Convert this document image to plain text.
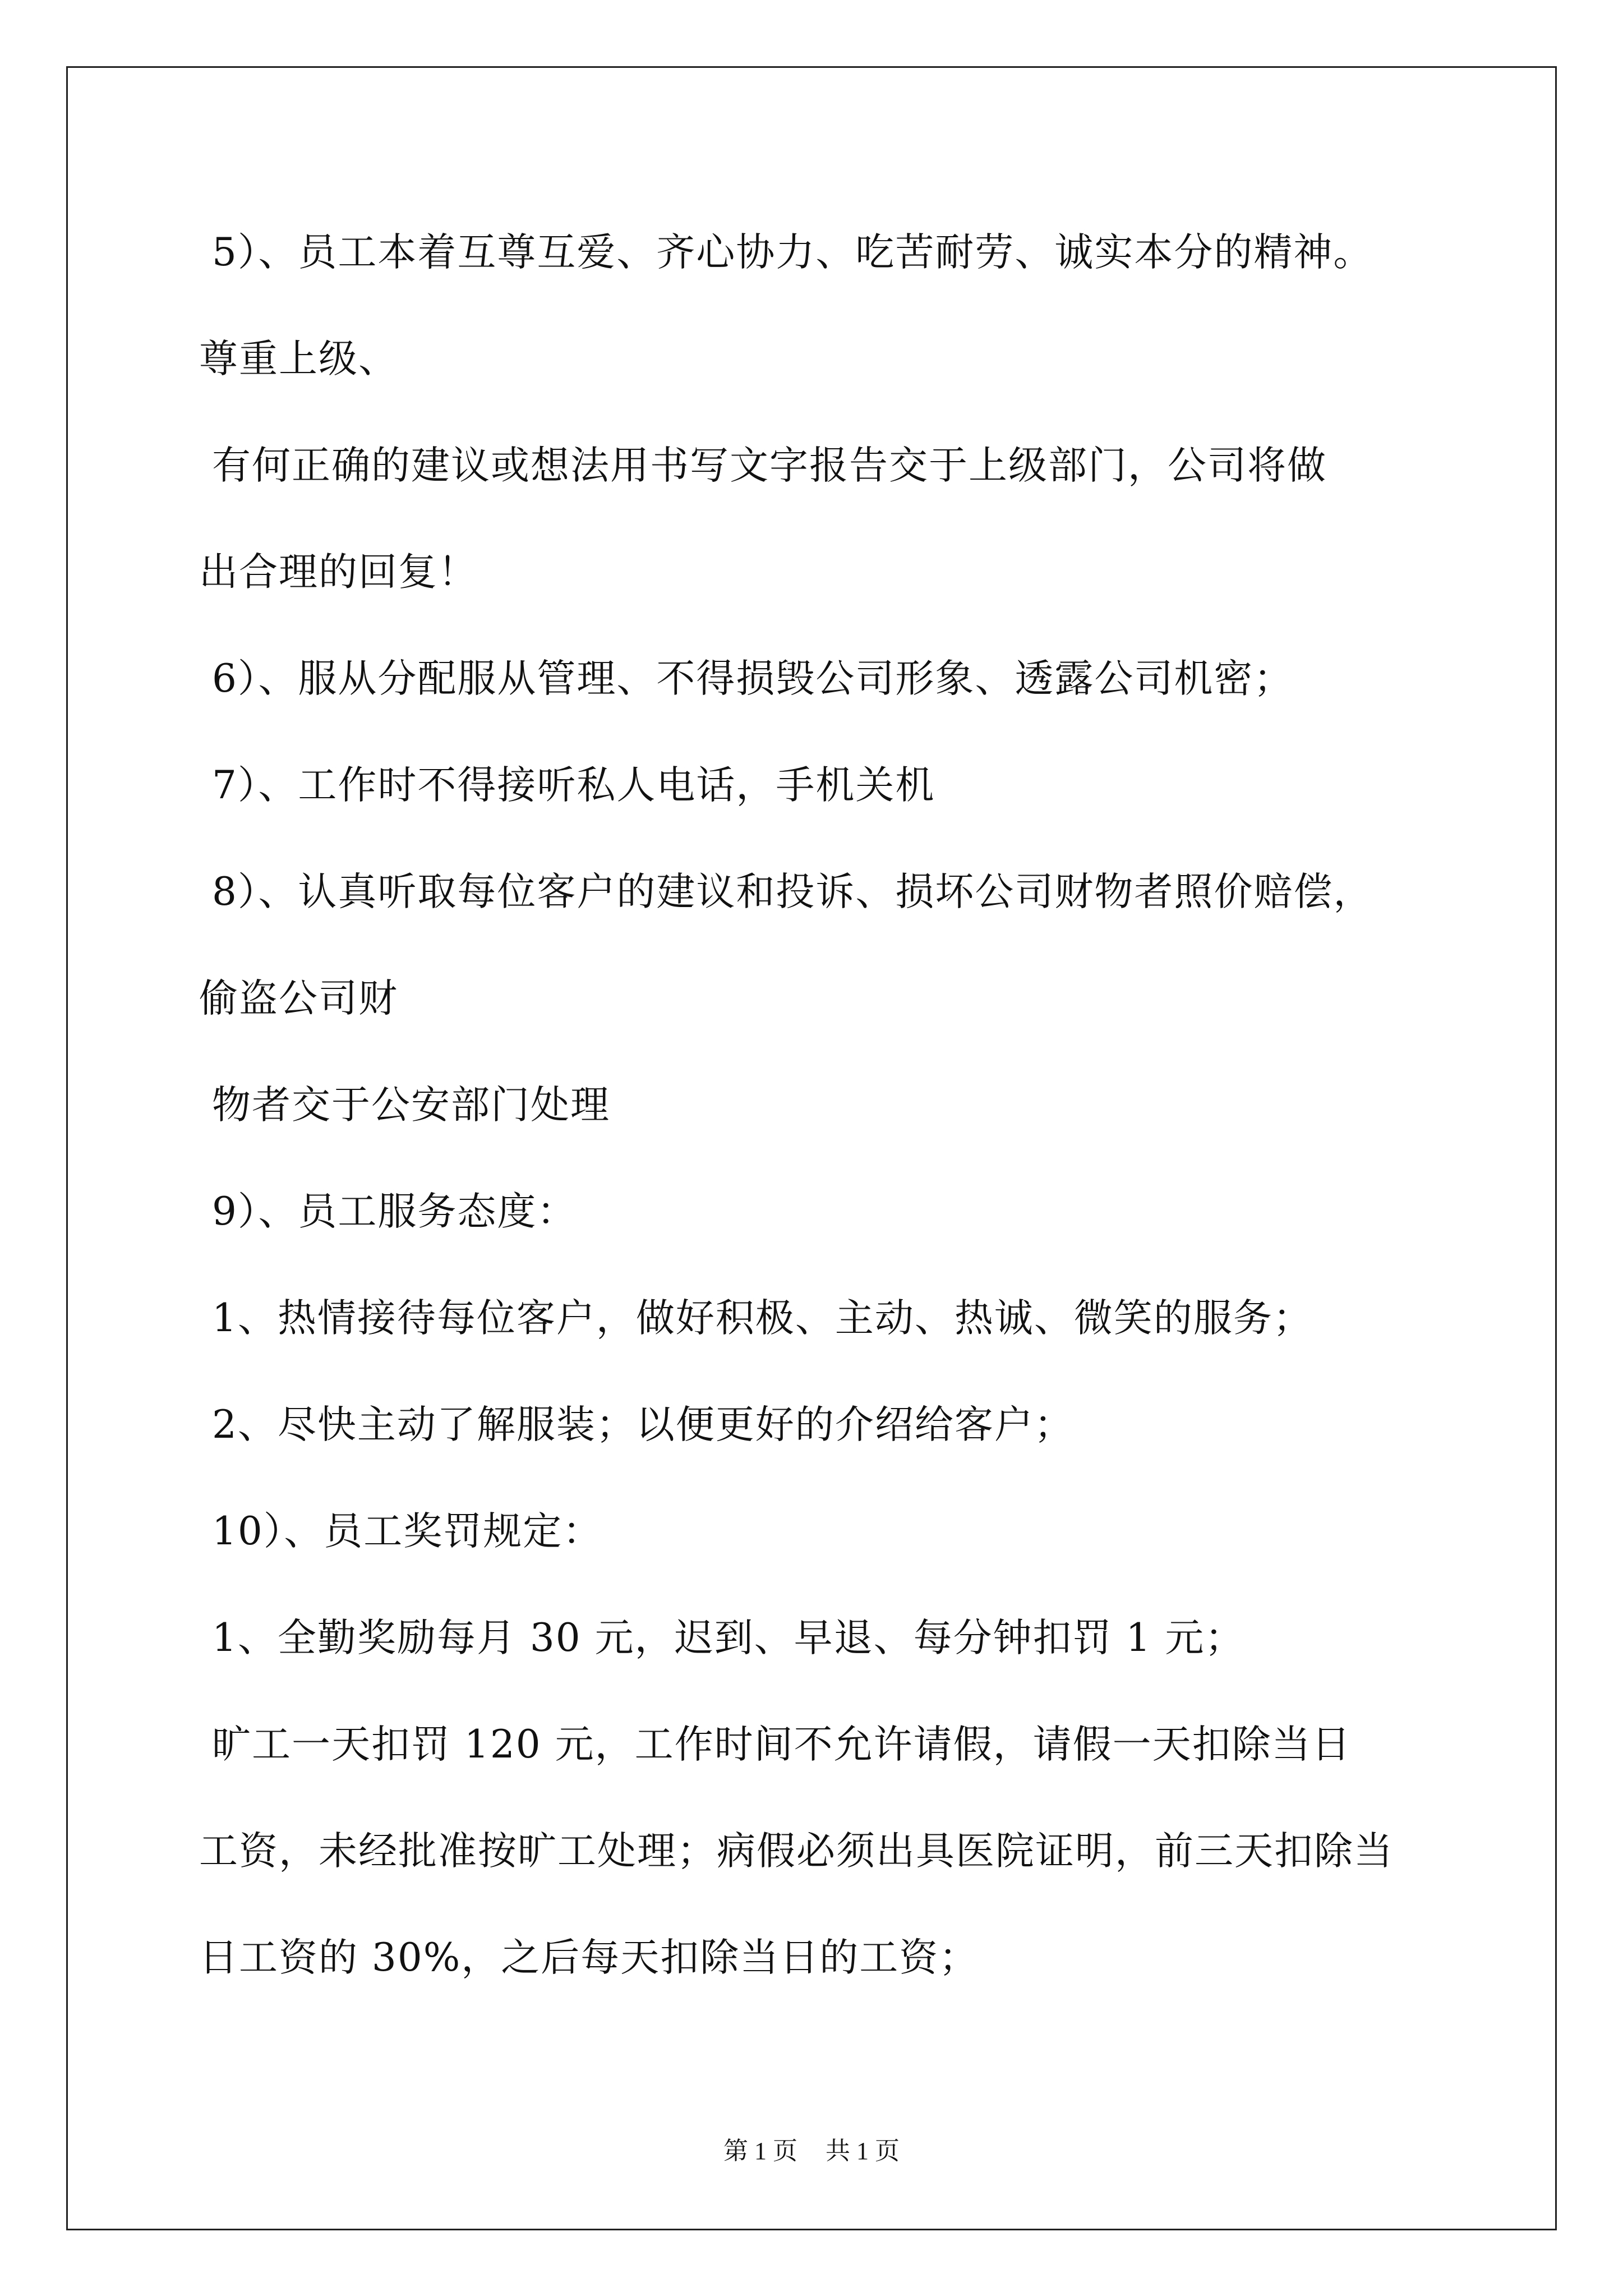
5）、员工本着互尊互爱、齐心协力、吃苦耐劳、诚实本分的精神。
尊重上级、
有何正确的建议或想法用书写文字报告交于上级部门，公司将做
出合理的回复！
6）、服从分配服从管理、不得损毁公司形象、透露公司机密；
7）、工作时不得接听私人电话，手机关机
8）、认真听取每位客户的建议和投诉、损坏公司财物者照价赔偿，
偷盗公司财
物者交于公安部门处理
9）、员工服务态度：
1、热情接待每位客户，做好积极、主动、热诚、微笑的服务；
2、尽快主动了解服装；以便更好的介绍给客户；
10）、员工奖罚规定：
1、全勤奖励每月 30 元，迟到、早退、每分钟扣罚 1 元；
旷工一天扣罚 120 元，工作时间不允许请假，请假一天扣除当日
工资，未经批准按旷工处理；病假必须出具医院证明，前三天扣除当
日工资的 30%，之后每天扣除当日的工资；
第 1 页 共 1 页
